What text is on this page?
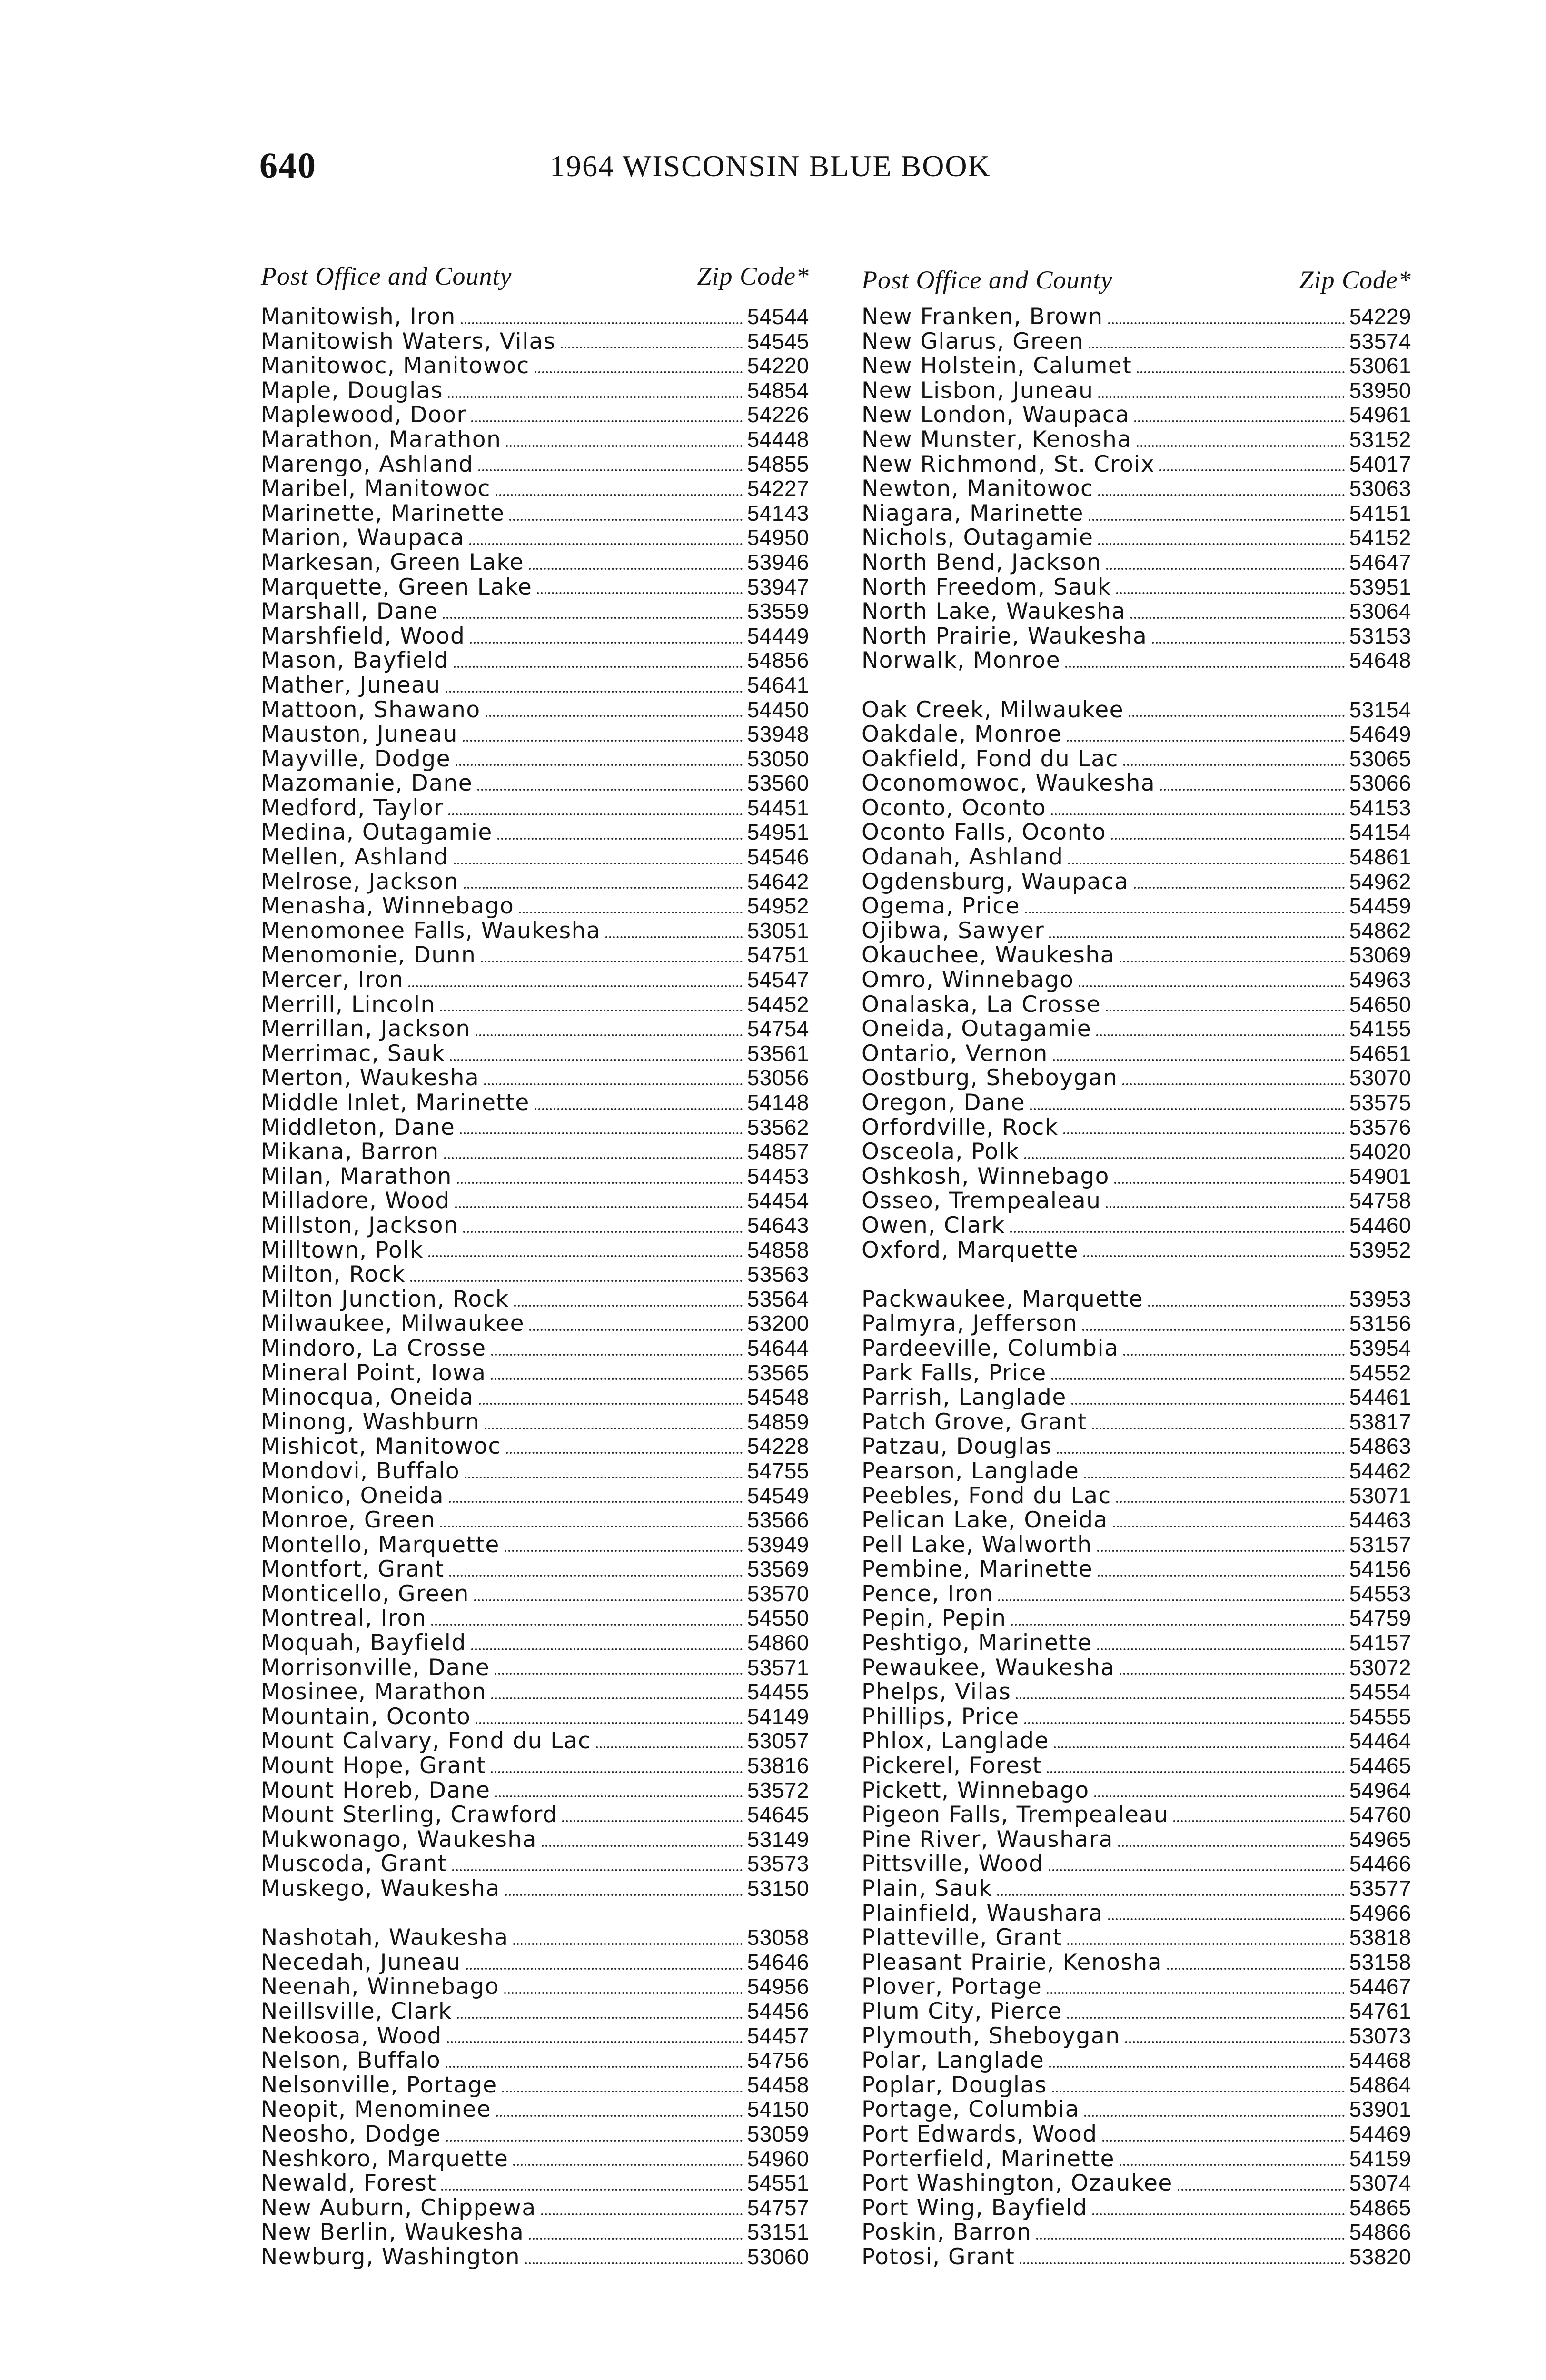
640	1964 WISCONSIN BLUE BOOK
Post Office and County	Zip Code*
Manitowish, Iron	54544
Manitowish Waters, Vilas	54545
Manitowoc, Manitowoc	54220
Maple, Douglas	54854
Maplewood, Door	54226
Marathon, Marathon	54448
Marengo, Ashland	54855
Maribel, Manitowoc	54227
Marinette, Marinette	54143
Marion, Waupaca	54950
Markesan, Green Lake	53946
Marquette, Green Lake	53947
Marshall, Dane	53559
Marshfield, Wood	54449
Mason, Bayfield	54856
Mather, Juneau	54641
Mattoon, Shawano	54450
Mauston, Juneau	53948
Mayville, Dodge	53050
Mazomanie, Dane	53560
Medford, Taylor	54451
Medina, Outagamie	54951
Mellen, Ashland	54546
Melrose, Jackson	54642
Menasha, Winnebago	54952
Menomonee Falls, Waukesha	53051
Menomonie, Dunn	54751
Mercer, Iron	54547
Merrill, Lincoln	54452
Merrillan, Jackson	54754
Merrimac, Sauk	53561
Merton, Waukesha	53056
Middle Inlet, Marinette	54148
Middleton, Dane	53562
Mikana, Barron	54857
Milan, Marathon	54453
Milladore, Wood	54454
Millston, Jackson	54643
Milltown, Polk	54858
Milton, Rock	53563
Milton Junction, Rock	53564
Milwaukee, Milwaukee	53200
Mindoro, La Crosse	54644
Mineral Point, Iowa	53565
Minocqua, Oneida	54548
Minong, Washburn	54859
Mishicot, Manitowoc	54228
Mondovi, Buffalo	54755
Monico, Oneida	54549
Monroe, Green	53566
Montello, Marquette	53949
Montfort, Grant	53569
Monticello, Green	53570
Montreal, Iron	54550
Moquah, Bayfield	54860
Morrisonville, Dane	53571
Mosinee, Marathon	54455
Mountain, Oconto	54149
Mount Calvary, Fond du Lac	53057
Mount Hope, Grant	53816
Mount Horeb, Dane	53572
Mount Sterling, Crawford	54645
Mukwonago, Waukesha	53149
Muscoda, Grant	53573
Muskego, Waukesha	53150
Nashotah, Waukesha	53058
Necedah, Juneau	54646
Neenah, Winnebago	54956
Neillsville, Clark	54456
Nekoosa, Wood	54457
Nelson, Buffalo	54756
Nelsonville, Portage	54458
Neopit, Menominee	54150
Neosho, Dodge	53059
Neshkoro, Marquette	54960
Newald, Forest	54551
New Auburn, Chippewa	54757
New Berlin, Waukesha	53151
Newburg, Washington	53060
Post Office and County	Zip Code*
New Franken, Brown	54229
New Glarus, Green	53574
New Holstein, Calumet	53061
New Lisbon, Juneau	53950
New London, Waupaca	54961
New Munster, Kenosha	53152
New Richmond, St. Croix	54017
Newton, Manitowoc	53063
Niagara, Marinette	54151
Nichols, Outagamie	54152
North Bend, Jackson	54647
North Freedom, Sauk	53951
North Lake, Waukesha	53064
North Prairie, Waukesha	53153
Norwalk, Monroe	54648
Oak Creek, Milwaukee	53154
Oakdale, Monroe	54649
Oakfield, Fond du Lac	53065
Oconomowoc, Waukesha	53066
Oconto, Oconto	54153
Oconto Falls, Oconto	54154
Odanah, Ashland	54861
Ogdensburg, Waupaca	54962
Ogema, Price	54459
Ojibwa, Sawyer	54862
Okauchee, Waukesha	53069
Omro, Winnebago	54963
Onalaska, La Crosse	54650
Oneida, Outagamie	54155
Ontario, Vernon	54651
Oostburg, Sheboygan	53070
Oregon, Dane	53575
Orfordville, Rock	53576
Osceola, Polk	54020
Oshkosh, Winnebago	54901
Osseo, Trempealeau	54758
Owen, Clark	54460
Oxford, Marquette	53952
Packwaukee, Marquette	53953
Palmyra, Jefferson	53156
Pardeeville, Columbia	53954
Park Falls, Price	54552
Parrish, Langlade	54461
Patch Grove, Grant	53817
Patzau, Douglas	54863
Pearson, Langlade	54462
Peebles, Fond du Lac	53071
Pelican Lake, Oneida	54463
Pell Lake, Walworth	53157
Pembine, Marinette	54156
Pence, Iron	54553
Pepin, Pepin	54759
Peshtigo, Marinette	54157
Pewaukee, Waukesha	53072
Phelps, Vilas	54554
Phillips, Price	54555
Phlox, Langlade	54464
Pickerel, Forest	54465
Pickett, Winnebago	54964
Pigeon Falls, Trempealeau	54760
Pine River, Waushara	54965
Pittsville, Wood	54466
Plain, Sauk	53577
Plainfield, Waushara	54966
Platteville, Grant	53818
Pleasant Prairie, Kenosha	53158
Plover, Portage	54467
Plum City, Pierce	54761
Plymouth, Sheboygan	53073
Polar, Langlade	54468
Poplar, Douglas	54864
Portage, Columbia	53901
Port Edwards, Wood	54469
Porterfield, Marinette	54159
Port Washington, Ozaukee	53074
Port Wing, Bayfield	54865
Poskin, Barron	54866
Potosi, Grant	53820
